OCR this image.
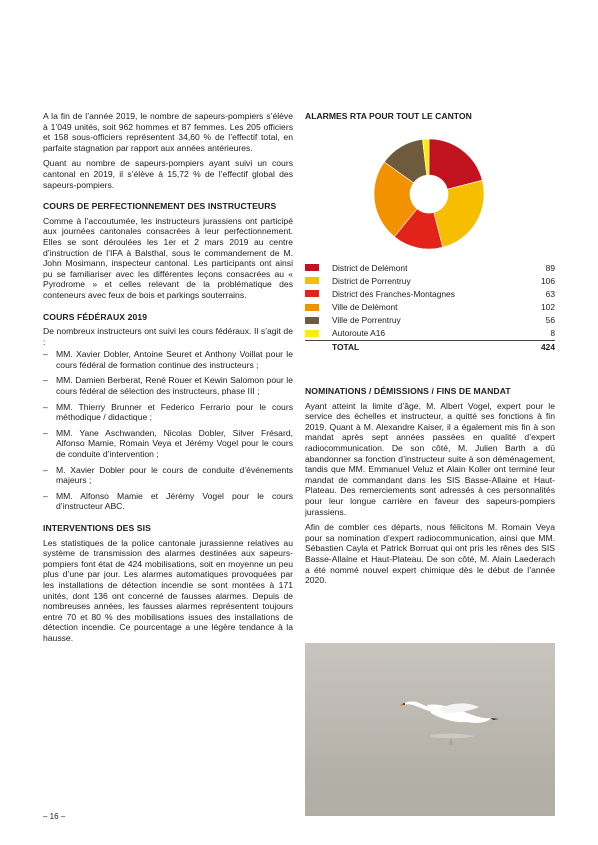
A la fin de l’année 2019, le nombre de sapeurs-pompiers s’élève à 1’049 unités, soit 962 hommes et 87 femmes. Les 205 officiers et 158 sous-officiers représentent 34,60 % de l’effectif total, en parfaite stagnation par rapport aux années antérieures.

Quant au nombre de sapeurs-pompiers ayant suivi un cours cantonal en 2019, il s’élève à 15,72 % de l’effectif global des sapeurs-pompiers.

COURS DE PERFECTIONNEMENT DES INSTRUCTEURS

Comme à l’accoutumée, les instructeurs jurassiens ont participé aux journées cantonales consacrées à leur perfectionnement. Elles se sont déroulées les 1er et 2 mars 2019 au centre d’instruction de l’IFA à Balsthal, sous le commandement de M. John Mosimann, inspecteur cantonal. Les participants ont ainsi pu se familiariser avec les différentes leçons consacrées au « Pyrodrome » et celles relevant de la problématique des conteneurs avec feux de bois et parkings souterrains.

COURS FÉDÉRAUX 2019

De nombreux instructeurs ont suivi les cours fédéraux. Il s’agit de :

– MM. Xavier Dobler, Antoine Seuret et Anthony Voillat pour le cours fédéral de formation continue des instructeurs ;
– MM. Damien Berberat, René Rouer et Kewin Salomon pour le cours fédéral de sélection des instructeurs, phase III ;
– MM. Thierry Brunner et Federico Ferrario pour le cours méthodique / didactique ;
– MM. Yane Aschwanden, Nicolas Dobler, Silver Frésard, Alfonso Mamie, Romain Veya et Jérémy Vogel pour le cours de conduite d’intervention ;
– M. Xavier Dobler pour le cours de conduite d’événements majeurs ;
– MM. Alfonso Mamie et Jérémy Vogel pour le cours d’instructeur ABC.
INTERVENTIONS DES SIS

Les statistiques de la police cantonale jurassienne relatives au système de transmission des alarmes destinées aux sapeurs-pompiers font état de 424 mobilisations, soit en moyenne un peu plus d’une par jour. Les alarmes automatiques provoquées par les installations de détection incendie se sont montées à 171 unités, dont 136 ont concerné de fausses alarmes. Depuis de nombreuses années, les fausses alarmes représentent toujours entre 70 et 80 % des mobilisations issues des installations de détection incendie. Ce pourcentage a une légère tendance à la hausse.

ALARMES RTA POUR TOUT LE CANTON
	District de Delémont	89

	District de Porrentruy	106

	District des Franches-Montagnes	63

	Ville de Delémont	102

	Ville de Porrentruy	56

	Autoroute A16	8
	TOTAL	424
NOMINATIONS / DÉMISSIONS / FINS DE MANDAT

Ayant atteint la limite d’âge, M. Albert Vogel, expert pour le service des échelles et instructeur, a quitté ses fonctions à fin 2019. Quant à M. Alexandre Kaiser, il a également mis fin à son mandat après sept années passées en qualité d’expert radiocommunication. De son côté, M. Julien Barth a dû abandonner sa fonction d’instructeur suite à son déménagement, tandis que MM. Emmanuel Veluz et Alain Koller ont terminé leur mandat de commandant dans les SIS Basse-Allaine et Haut-Plateau. Des remerciements sont adressés à ces personnalités pour leur longue carrière en faveur des sapeurs-pompiers jurassiens.

Afin de combler ces départs, nous félicitons M. Romain Veya pour sa nomination d’expert radiocommunication, ainsi que MM. Sébastien Cayla et Patrick Borruat qui ont pris les rênes des SIS Basse-Allaine et Haut-Plateau. De son côté, M. Alain Laederach a été nommé nouvel expert chimique dès le début de l’année 2020.

– 16 –
